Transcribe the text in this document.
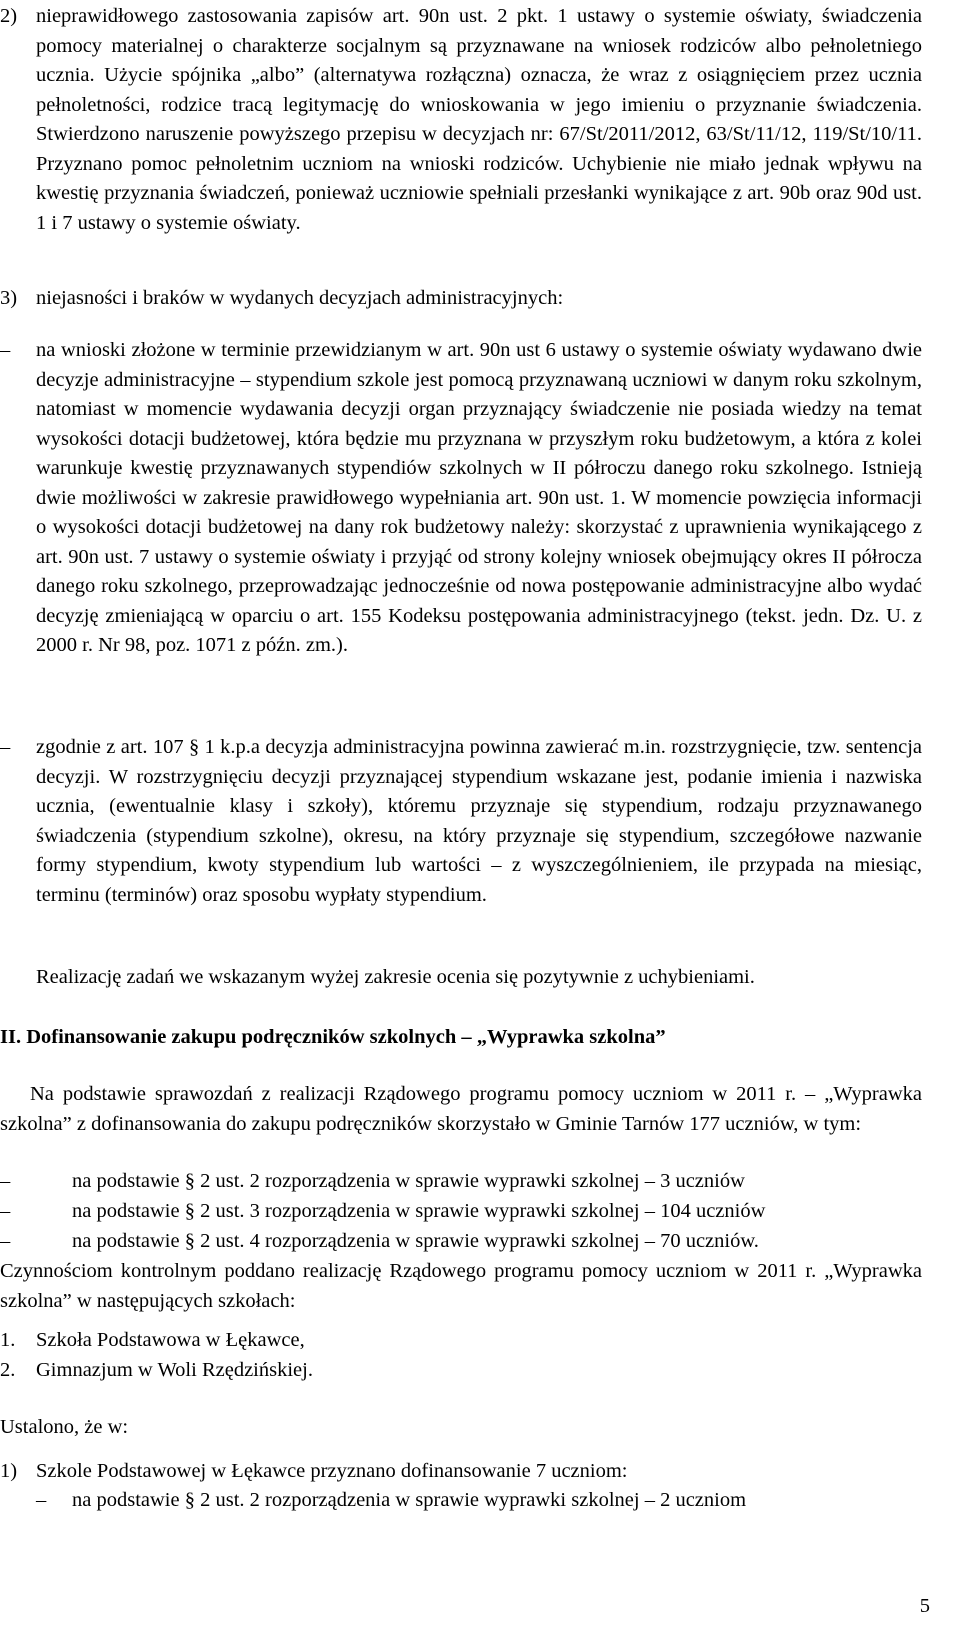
2) nieprawidłowego zastosowania zapisów art. 90n ust. 2 pkt. 1 ustawy o systemie oświaty, świadczenia pomocy materialnej o charakterze socjalnym są przyznawane na wniosek rodziców albo pełnoletniego ucznia. Użycie spójnika „albo” (alternatywa rozłączna) oznacza, że wraz z osiągnięciem przez ucznia pełnoletności, rodzice tracą legitymację do wnioskowania w jego imieniu o przyznanie świadczenia. Stwierdzono naruszenie powyższego przepisu w decyzjach nr: 67/St/2011/2012, 63/St/11/12, 119/St/10/11. Przyznano pomoc pełnoletnim uczniom na wnioski rodziców. Uchybienie nie miało jednak wpływu na kwestię przyznania świadczeń, ponieważ uczniowie spełniali przesłanki wynikające z art. 90b oraz 90d ust. 1 i 7 ustawy o systemie oświaty.
3) niejasności i braków w wydanych decyzjach administracyjnych:
–	na wnioski złożone w terminie przewidzianym w art. 90n ust 6 ustawy o systemie oświaty wydawano dwie decyzje administracyjne – stypendium szkole jest pomocą przyznawaną uczniowi w danym roku szkolnym, natomiast w momencie wydawania decyzji organ przyznający świadczenie nie posiada wiedzy na temat wysokości dotacji budżetowej, która będzie mu przyznana w przyszłym roku budżetowym, a która z kolei warunkuje kwestię przyznawanych stypendiów szkolnych w II półroczu danego roku szkolnego. Istnieją dwie możliwości w zakresie prawidłowego wypełniania art. 90n ust. 1. W momencie powzięcia informacji o wysokości dotacji budżetowej na dany rok budżetowy należy: skorzystać z uprawnienia wynikającego z art. 90n ust. 7 ustawy o systemie oświaty i przyjąć od strony kolejny wniosek obejmujący okres II półrocza danego roku szkolnego, przeprowadzając jednocześnie od nowa postępowanie administracyjne albo wydać decyzję zmieniającą w oparciu o art. 155 Kodeksu postępowania administracyjnego (tekst. jedn. Dz. U. z 2000 r. Nr 98, poz. 1071 z późn. zm.).
–	zgodnie z art. 107 § 1 k.p.a decyzja administracyjna powinna zawierać m.in. rozstrzygnięcie, tzw. sentencja decyzji. W rozstrzygnięciu decyzji przyznającej stypendium wskazane jest, podanie imienia i nazwiska ucznia, (ewentualnie klasy i szkoły), któremu przyznaje się stypendium, rodzaju przyznawanego świadczenia (stypendium szkolne), okresu, na który przyznaje się stypendium, szczegółowe nazwanie formy stypendium, kwoty stypendium lub wartości – z wyszczególnieniem, ile przypada na miesiąc, terminu (terminów) oraz sposobu wypłaty stypendium.
Realizację zadań we wskazanym wyżej zakresie ocenia się pozytywnie z uchybieniami.
II. Dofinansowanie zakupu podręczników szkolnych – „Wyprawka szkolna”
Na podstawie sprawozdań z realizacji Rządowego programu pomocy uczniom w 2011 r. – „Wyprawka szkolna” z dofinansowania do zakupu podręczników skorzystało w Gminie Tarnów 177 uczniów, w tym:
–	na podstawie § 2 ust. 2 rozporządzenia w sprawie wyprawki szkolnej – 3 uczniów
–	na podstawie § 2 ust. 3 rozporządzenia w sprawie wyprawki szkolnej – 104 uczniów
–	na podstawie § 2 ust. 4 rozporządzenia w sprawie wyprawki szkolnej – 70 uczniów.
Czynnościom kontrolnym poddano realizację Rządowego programu pomocy uczniom w 2011 r. „Wyprawka szkolna” w następujących szkołach:
1.	Szkoła Podstawowa w Łękawce,
2.	Gimnazjum w Woli Rzędzińskiej.
Ustalono, że w:
1) Szkole Podstawowej w Łękawce przyznano dofinansowanie 7 uczniom:
–	na podstawie § 2 ust. 2 rozporządzenia w sprawie wyprawki szkolnej – 2 uczniom
5
